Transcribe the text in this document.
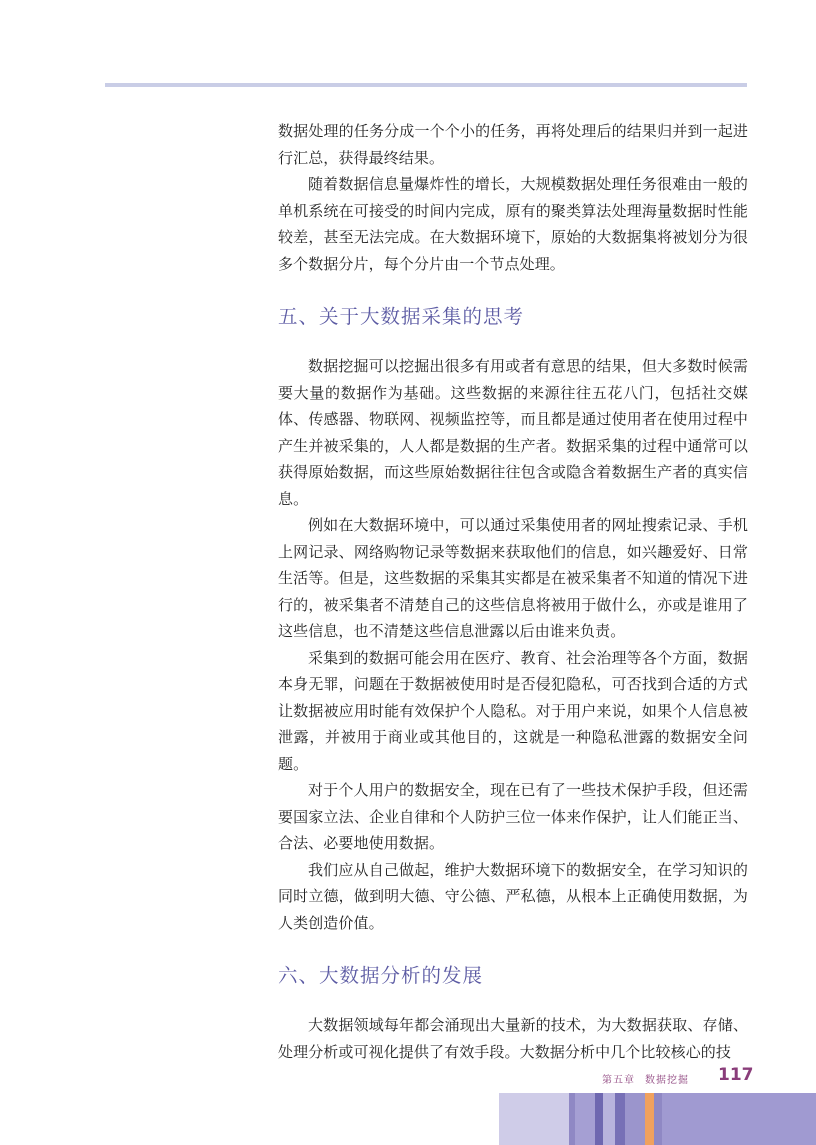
数据处理的任务分成一个个小的任务，再将处理后的结果归并到一起进行汇总，获得最终结果。

随着数据信息量爆炸性的增长，大规模数据处理任务很难由一般的单机系统在可接受的时间内完成，原有的聚类算法处理海量数据时性能较差，甚至无法完成。在大数据环境下，原始的大数据集将被划分为很多个数据分片，每个分片由一个节点处理。

五、关于大数据采集的思考

数据挖掘可以挖掘出很多有用或者有意思的结果，但大多数时候需要大量的数据作为基础。这些数据的来源往往五花八门，包括社交媒体、传感器、物联网、视频监控等，而且都是通过使用者在使用过程中产生并被采集的，人人都是数据的生产者。数据采集的过程中通常可以获得原始数据，而这些原始数据往往包含或隐含着数据生产者的真实信息。

例如在大数据环境中，可以通过采集使用者的网址搜索记录、手机上网记录、网络购物记录等数据来获取他们的信息，如兴趣爱好、日常生活等。但是，这些数据的采集其实都是在被采集者不知道的情况下进行的，被采集者不清楚自己的这些信息将被用于做什么，亦或是谁用了这些信息，也不清楚这些信息泄露以后由谁来负责。

采集到的数据可能会用在医疗、教育、社会治理等各个方面，数据本身无罪，问题在于数据被使用时是否侵犯隐私，可否找到合适的方式让数据被应用时能有效保护个人隐私。对于用户来说，如果个人信息被泄露，并被用于商业或其他目的，这就是一种隐私泄露的数据安全问题。

对于个人用户的数据安全，现在已有了一些技术保护手段，但还需要国家立法、企业自律和个人防护三位一体来作保护，让人们能正当、合法、必要地使用数据。

我们应从自己做起，维护大数据环境下的数据安全，在学习知识的同时立德，做到明大德、守公德、严私德，从根本上正确使用数据，为人类创造价值。

六、大数据分析的发展

大数据领域每年都会涌现出大量新的技术，为大数据获取、存储、处理分析或可视化提供了有效手段。大数据分析中几个比较核心的技

第五章 数据挖掘 117
